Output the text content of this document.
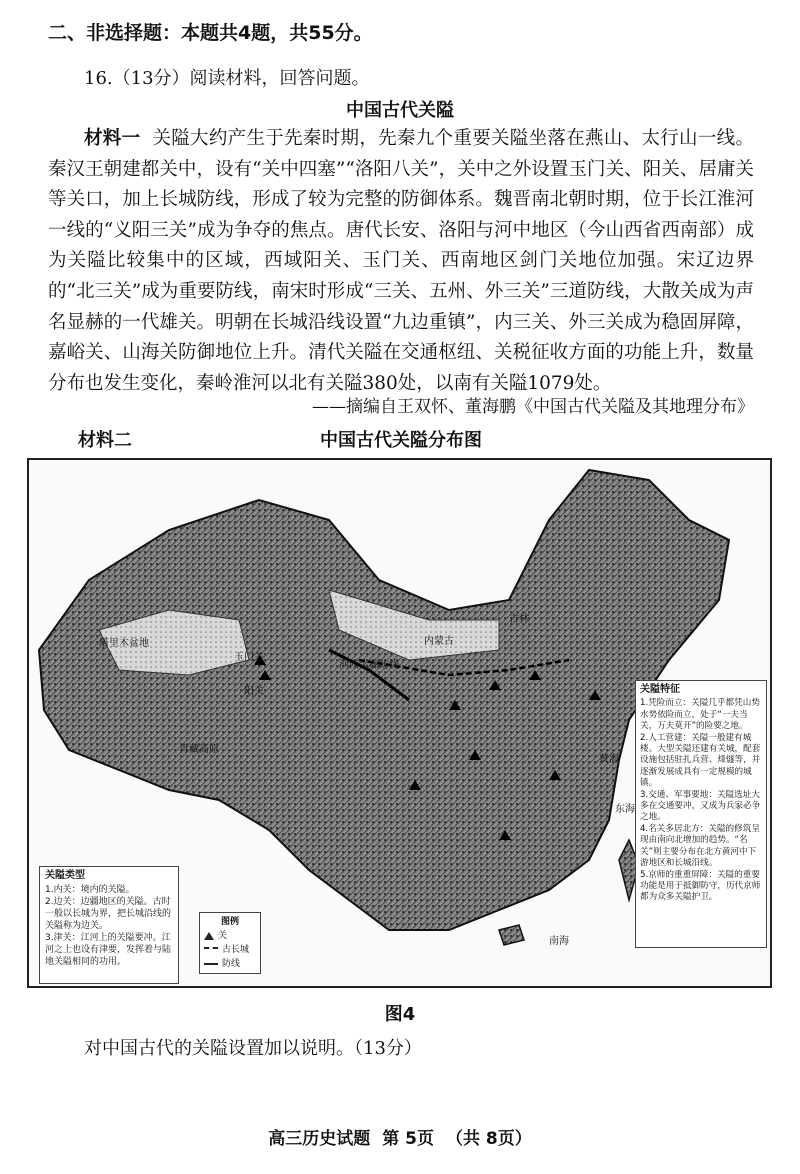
二、非选择题：本题共4题，共55分。
16.（13分）阅读材料，回答问题。
中国古代关隘

材料一 关隘大约产生于先秦时期，先秦九个重要关隘坐落在燕山、太行山一线。秦汉王朝建都关中，设有“关中四塞”“洛阳八关”，关中之外设置玉门关、阳关、居庸关等关口，加上长城防线，形成了较为完整的防御体系。魏晋南北朝时期，位于长江淮河一线的“义阳三关”成为争夺的焦点。唐代长安、洛阳与河中地区（今山西省西南部）成为关隘比较集中的区域，西域阳关、玉门关、西南地区剑门关地位加强。宋辽边界的“北三关”成为重要防线，南宋时形成“三关、五州、外三关”三道防线，大散关成为声名显赫的一代雄关。明朝在长城沿线设置“九边重镇”，内三关、外三关成为稳固屏障，嘉峪关、山海关防御地位上升。清代关隘在交通枢纽、关税征收方面的功能上升，数量分布也发生变化，秦岭淮河以北有关隘380处，以南有关隘1079处。

——摘编自王双怀、董海鹏《中国古代关隘及其地理分布》
材料二	中国古代关隘分布图
塔里木盆地
玉门关
阳关
河西走廊防线
内蒙古
吉林
黄海
东海
南海
青藏高原
关隘类型
1.内关：境内的关隘。
2.边关：边疆地区的关隘。古时一般以长城为界，把长城沿线的关隘称为边关。
3.津关：江河上的关隘要冲。江河之上也设有津要，发挥着与陆地关隘相同的功用。
图例
关
古长城
防线
关隘特征
1.凭险而立：关隘几乎都凭山势水势依险而立，处于“一夫当关，万夫莫开”的险要之地。
2.人工营建：关隘一般建有城楼。大型关隘还建有关城，配套设施包括驻扎兵营、烽燧等，并逐渐发展成具有一定规模的城镇。
3.交通、军事要地：关隘选址大多在交通要冲，又成为兵家必争之地。
4.名关多居北方：关隘的修筑呈现由南向北增加的趋势。“名关”则主要分布在北方黄河中下游地区和长城沿线。
5.京师的重重屏障：关隘的重要功能是用于抵御防守，历代京师都为众多关隘护卫。
图4
对中国古代的关隘设置加以说明。（13分）
高三历史试题 第 5页 （共 8页）
